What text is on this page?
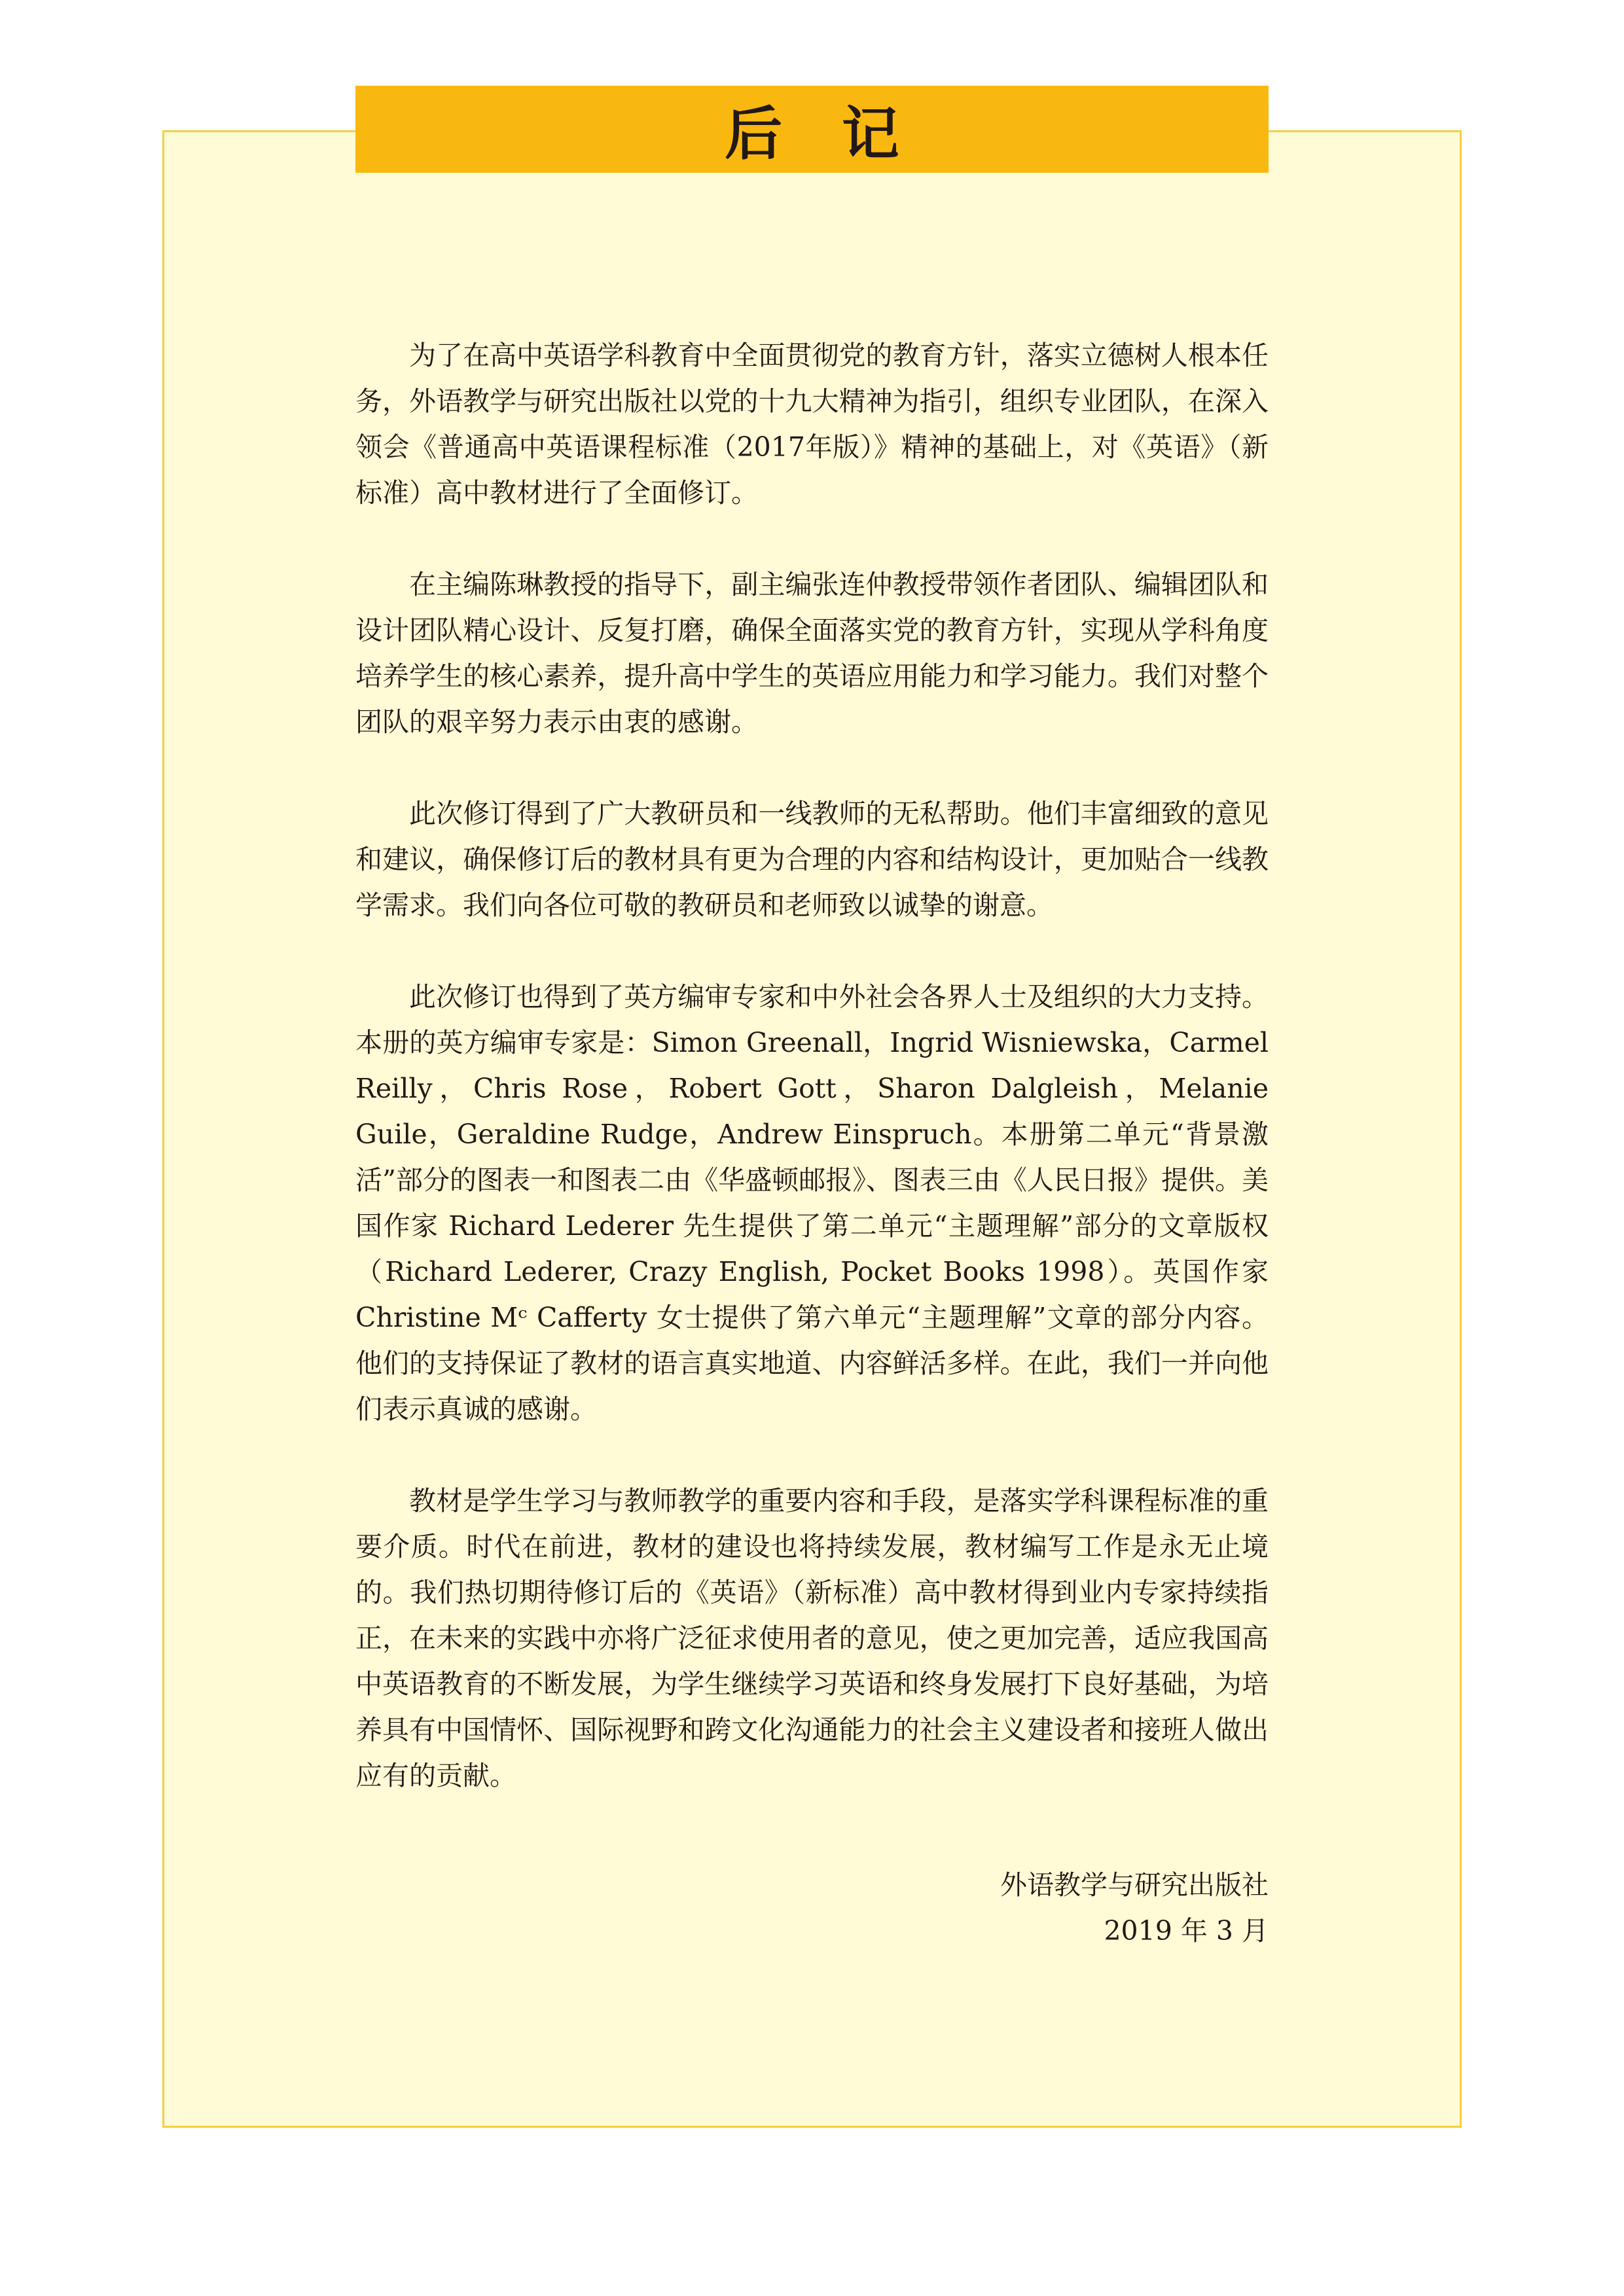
后 记

为了在高中英语学科教育中全面贯彻党的教育方针，落实立德树人根本任务，外语教学与研究出版社以党的十九大精神为指引，组织专业团队，在深入领会《普通高中英语课程标准（2017年版）》精神的基础上，对《英语》（新标准）高中教材进行了全面修订。

在主编陈琳教授的指导下，副主编张连仲教授带领作者团队、编辑团队和设计团队精心设计、反复打磨，确保全面落实党的教育方针，实现从学科角度培养学生的核心素养，提升高中学生的英语应用能力和学习能力。我们对整个团队的艰辛努力表示由衷的感谢。

此次修订得到了广大教研员和一线教师的无私帮助。他们丰富细致的意见和建议，确保修订后的教材具有更为合理的内容和结构设计，更加贴合一线教学需求。我们向各位可敬的教研员和老师致以诚挚的谢意。

此次修订也得到了英方编审专家和中外社会各界人士及组织的大力支持。本册的英方编审专家是：Simon Greenall，Ingrid Wisniewska，Carmel Reilly，Chris Rose，Robert Gott，Sharon Dalgleish，Melanie Guile，Geraldine Rudge，Andrew Einspruch。本册第二单元“背景激活”部分的图表一和图表二由《华盛顿邮报》、图表三由《人民日报》提供。美国作家 Richard Lederer 先生提供了第二单元“主题理解”部分的文章版权（Richard Lederer, Crazy English, Pocket Books 1998）。英国作家 Christine Mᶜ Cafferty 女士提供了第六单元“主题理解”文章的部分内容。他们的支持保证了教材的语言真实地道、内容鲜活多样。在此，我们一并向他们表示真诚的感谢。

教材是学生学习与教师教学的重要内容和手段，是落实学科课程标准的重要介质。时代在前进，教材的建设也将持续发展，教材编写工作是永无止境的。我们热切期待修订后的《英语》（新标准）高中教材得到业内专家持续指正，在未来的实践中亦将广泛征求使用者的意见，使之更加完善，适应我国高中英语教育的不断发展，为学生继续学习英语和终身发展打下良好基础，为培养具有中国情怀、国际视野和跨文化沟通能力的社会主义建设者和接班人做出应有的贡献。

外语教学与研究出版社
2019 年 3 月
